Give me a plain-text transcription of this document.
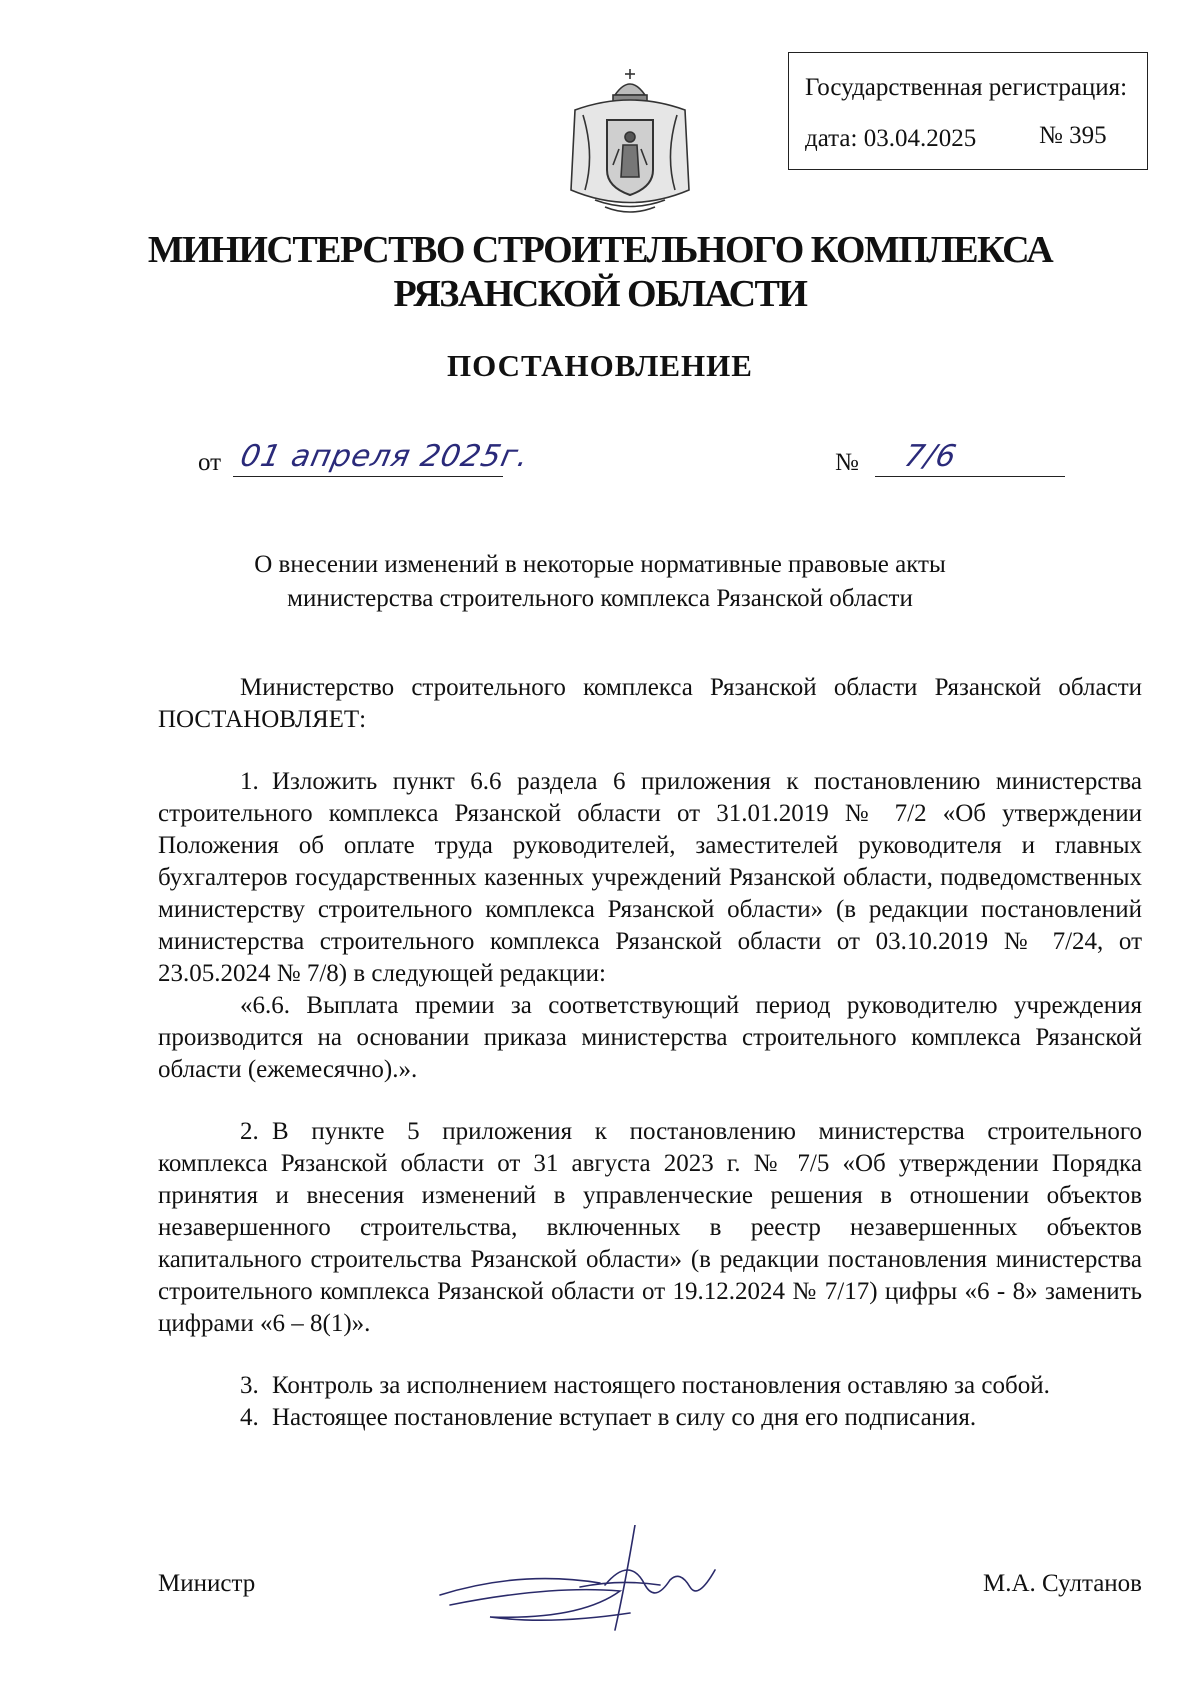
Государственная регистрация:
дата: 03.04.2025	№ 395
МИНИСТЕРСТВО СТРОИТЕЛЬНОГО КОМПЛЕКСА
РЯЗАНСКОЙ ОБЛАСТИ
ПОСТАНОВЛЕНИЕ
от 01 апреля 2025г.	№ 7/6
О внесении изменений в некоторые нормативные правовые акты
министерства строительного комплекса Рязанской области

Министерство строительного комплекса Рязанской области Рязанской области ПОСТАНОВЛЯЕТ:

1. Изложить пункт 6.6 раздела 6 приложения к постановлению министерства строительного комплекса Рязанской области от 31.01.2019 № 7/2 «Об утверждении Положения об оплате труда руководителей, заместителей руководителя и главных бухгалтеров государственных казенных учреждений Рязанской области, подведомственных министерству строительного комплекса Рязанской области» (в редакции постановлений министерства строительного комплекса Рязанской области от 03.10.2019 № 7/24, от 23.05.2024 № 7/8) в следующей редакции:

«6.6. Выплата премии за соответствующий период руководителю учреждения производится на основании приказа министерства строительного комплекса Рязанской области (ежемесячно).».

2. В пункте 5 приложения к постановлению министерства строительного комплекса Рязанской области от 31 августа 2023 г. № 7/5 «Об утверждении Порядка принятия и внесения изменений в управленческие решения в отношении объектов незавершенного строительства, включенных в реестр незавершенных объектов капитального строительства Рязанской области» (в редакции постановления министерства строительного комплекса Рязанской области от 19.12.2024 № 7/17) цифры «6 - 8» заменить цифрами «6 – 8(1)».

3. Контроль за исполнением настоящего постановления оставляю за собой.

4. Настоящее постановление вступает в силу со дня его подписания.

Министр	М.А. Султанов
